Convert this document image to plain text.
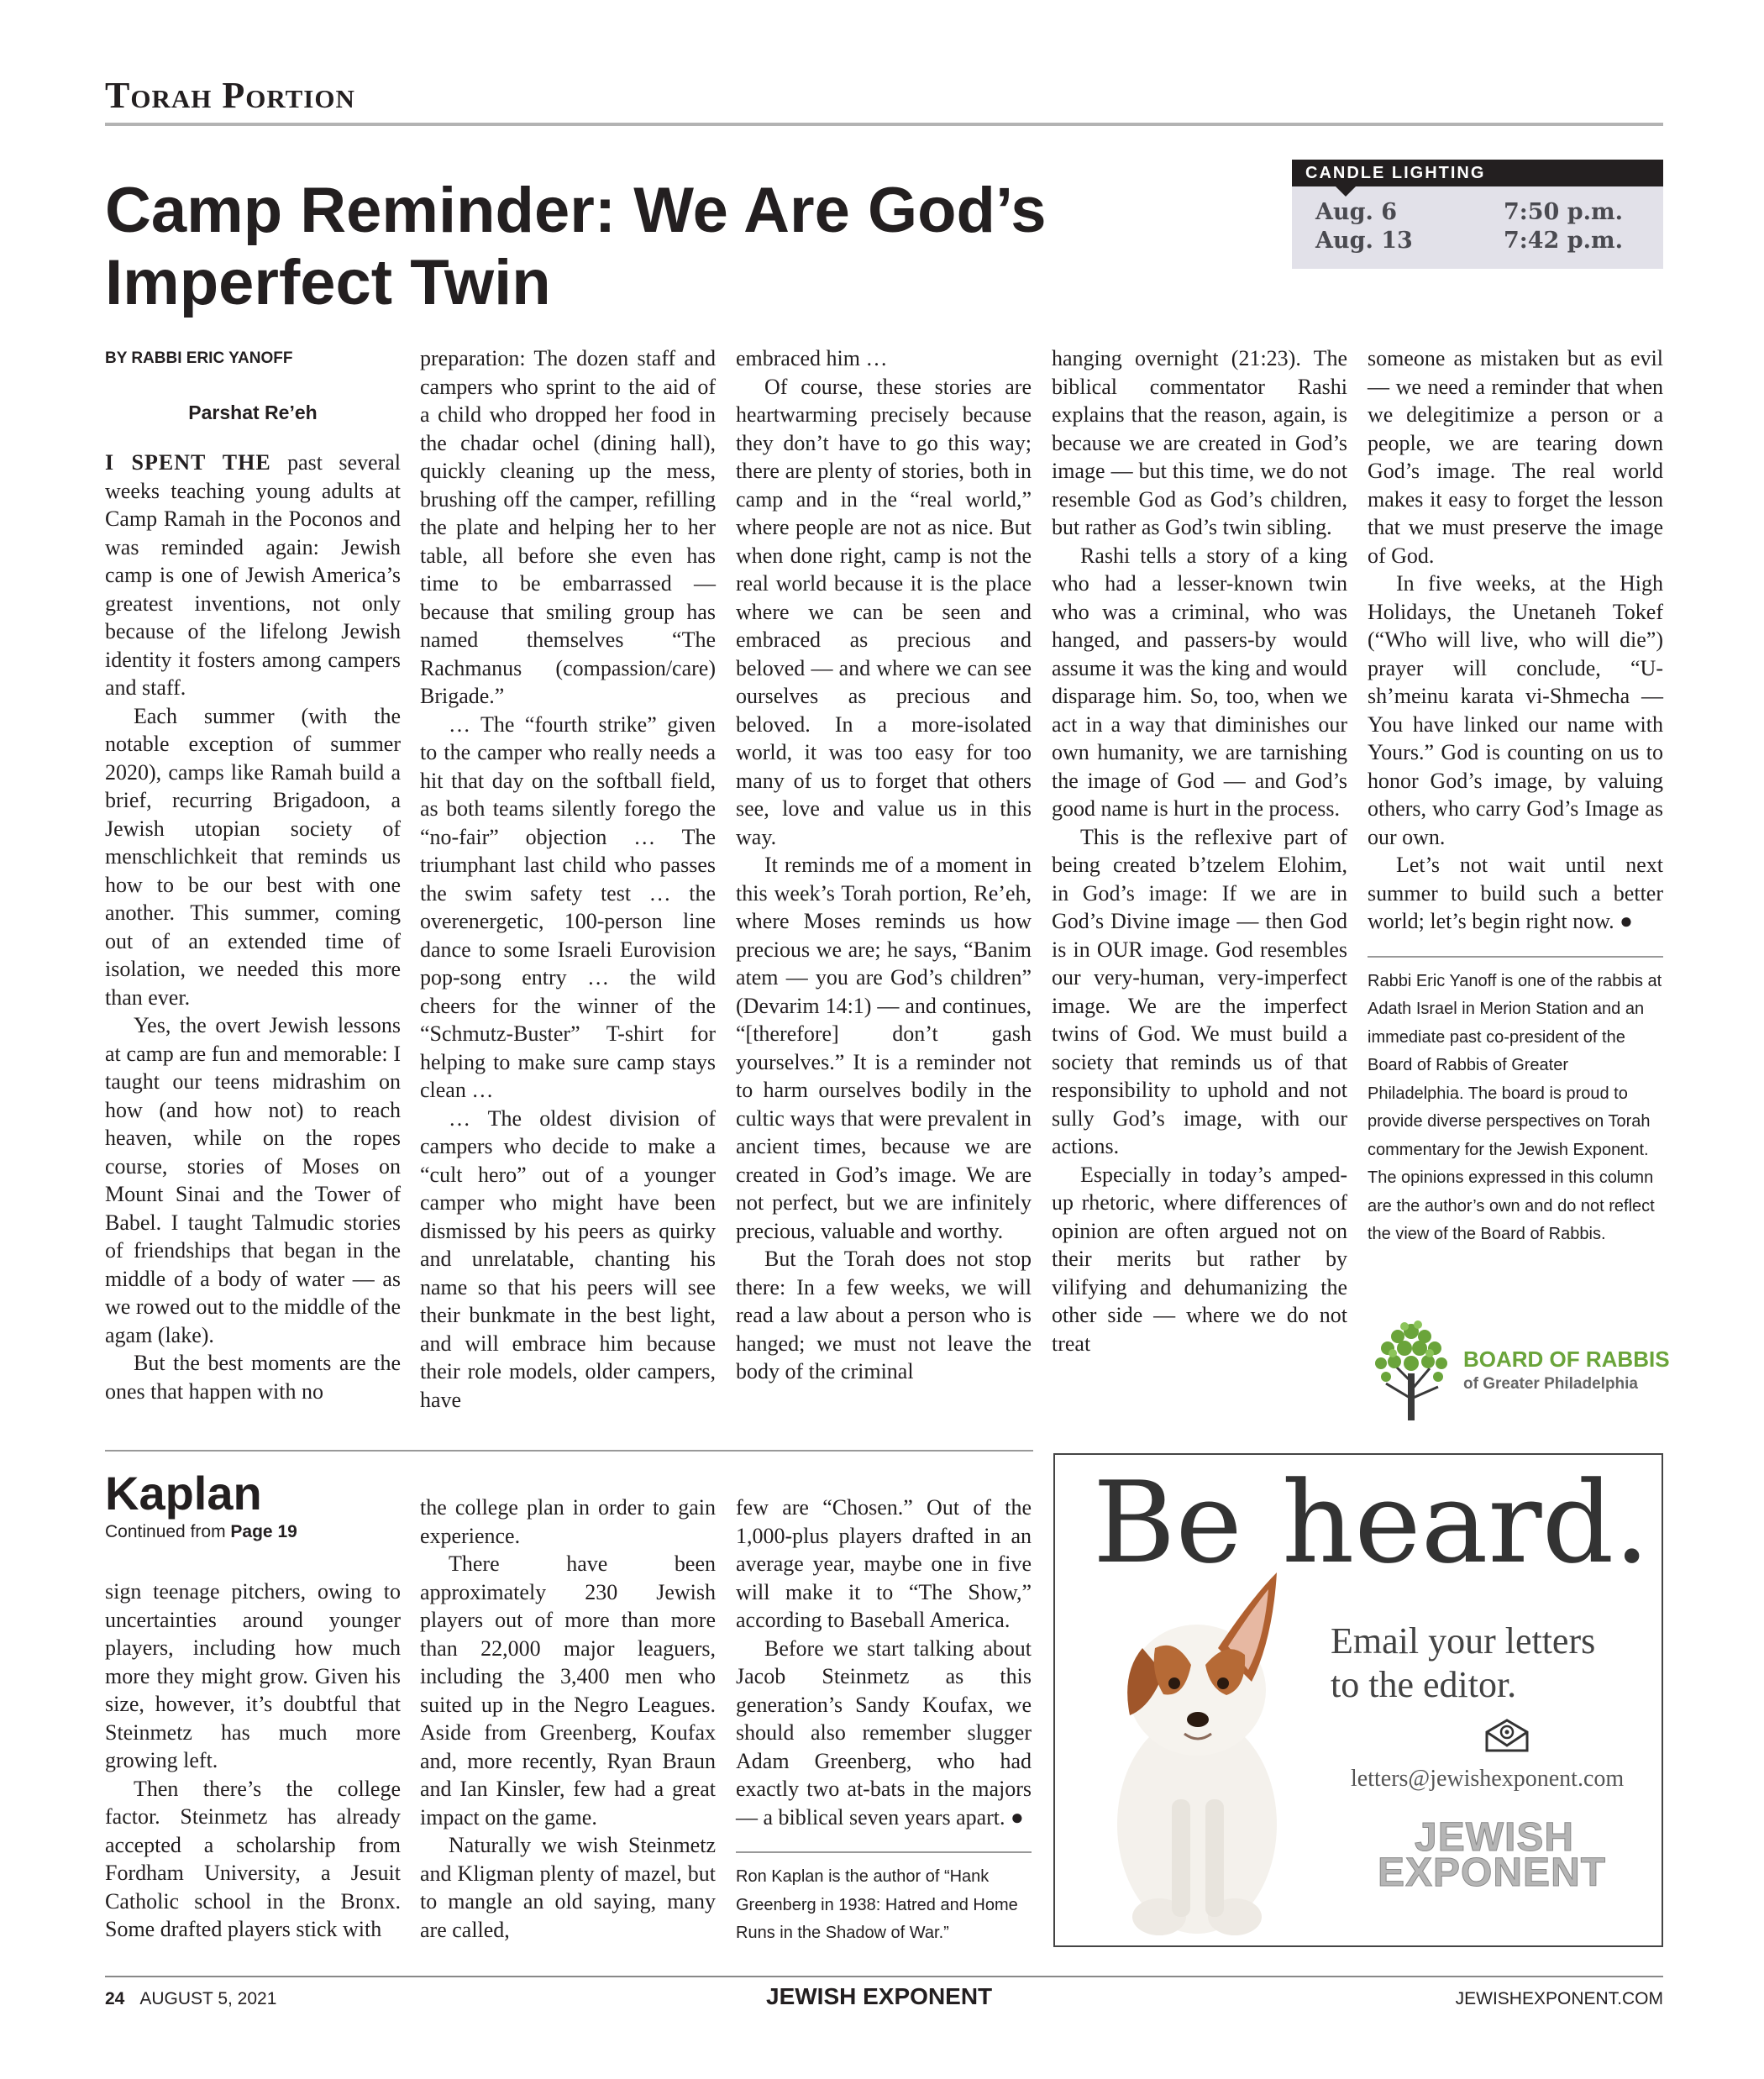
Torah Portion
Camp Reminder: We Are God’s
Imperfect Twin
CANDLE LIGHTING
Aug. 6	7:50 p.m.
Aug. 13	7:42 p.m.
BY RABBI ERIC YANOFF
Parshat Re’eh

I SPENT THE past several weeks teaching young adults at Camp Ramah in the Poconos and was reminded again: Jewish camp is one of Jewish America’s greatest inventions, not only because of the lifelong Jewish identity it fosters among campers and staff.

Each summer (with the notable exception of summer 2020), camps like Ramah build a brief, recurring Brigadoon, a Jewish utopian society of menschlichkeit that reminds us how to be our best with one another. This summer, coming out of an extended time of isolation, we needed this more than ever.

Yes, the overt Jewish lessons at camp are fun and memorable: I taught our teens midrashim on how (and how not) to reach heaven, while on the ropes course, stories of Moses on Mount Sinai and the Tower of Babel. I taught Talmudic stories of friendships that began in the middle of a body of water — as we rowed out to the middle of the agam (lake).

But the best moments are the ones that happen with no

preparation: The dozen staff and campers who sprint to the aid of a child who dropped her food in the chadar ochel (dining hall), quickly cleaning up the mess, brushing off the camper, refilling the plate and helping her to her table, all before she even has time to be embarrassed — because that smiling group has named themselves “The Rachmanus (compassion/care) Brigade.”

… The “fourth strike” given to the camper who really needs a hit that day on the softball field, as both teams silently forego the “no-fair” objection … The triumphant last child who passes the swim safety test … the overenergetic, 100-person line dance to some Israeli Eurovision pop-song entry … the wild cheers for the winner of the “Schmutz-Buster” T-shirt for helping to make sure camp stays clean …

… The oldest division of campers who decide to make a “cult hero” out of a younger camper who might have been dismissed by his peers as quirky and unrelatable, chanting his name so that his peers will see their bunkmate in the best light, and will embrace him because their role models, older campers, have

embraced him …

Of course, these stories are heartwarming precisely because they don’t have to go this way; there are plenty of stories, both in camp and in the “real world,” where people are not as nice. But when done right, camp is not the real world because it is the place where we can be seen and embraced as precious and beloved — and where we can see ourselves as precious and beloved. In a more-isolated world, it was too easy for too many of us to forget that others see, love and value us in this way.

It reminds me of a moment in this week’s Torah portion, Re’eh, where Moses reminds us how precious we are; he says, “Banim atem — you are God’s children” (Devarim 14:1) — and continues, “[therefore] don’t gash yourselves.” It is a reminder not to harm ourselves bodily in the cultic ways that were prevalent in ancient times, because we are created in God’s image. We are not perfect, but we are infinitely precious, valuable and worthy.

But the Torah does not stop there: In a few weeks, we will read a law about a person who is hanged; we must not leave the body of the criminal

hanging overnight (21:23). The biblical commentator Rashi explains that the reason, again, is because we are created in God’s image — but this time, we do not resemble God as God’s children, but rather as God’s twin sibling.

Rashi tells a story of a king who had a lesser-known twin who was a criminal, who was hanged, and passers-by would assume it was the king and would disparage him. So, too, when we act in a way that diminishes our own humanity, we are tarnishing the image of God — and God’s good name is hurt in the process.

This is the reflexive part of being created b’tzelem Elohim, in God’s image: If we are in God’s Divine image — then God is in OUR image. God resembles our very-human, very-imperfect image. We are the imperfect twins of God. We must build a society that reminds us of that responsibility to uphold and not sully God’s image, with our actions.

Especially in today’s amped-up rhetoric, where differences of opinion are often argued not on their merits but rather by vilifying and dehumanizing the other side — where we do not treat

someone as mistaken but as evil — we need a reminder that when we delegitimize a person or a people, we are tearing down God’s image. The real world makes it easy to forget the lesson that we must preserve the image of God.

In five weeks, at the High Holidays, the Unetaneh Tokef (“Who will live, who will die”) prayer will conclude, “U-sh’meinu karata vi-Shmecha — You have linked our name with Yours.” God is counting on us to honor God’s image, by valuing others, who carry God’s Image as our own.

Let’s not wait until next summer to build such a better world; let’s begin right now. ●

Rabbi Eric Yanoff is one of the rabbis at Adath Israel in Merion Station and an immediate past co-president of the Board of Rabbis of Greater Philadelphia. The board is proud to provide diverse perspectives on Torah commentary for the Jewish Exponent. The opinions expressed in this column are the author’s own and do not reflect the view of the Board of Rabbis.
BOARD OF RABBIS
of Greater Philadelphia
Kaplan
Continued from Page 19

sign teenage pitchers, owing to uncertainties around younger players, including how much more they might grow. Given his size, however, it’s doubtful that Steinmetz has much more growing left.

Then there’s the college factor. Steinmetz has already accepted a scholarship from Fordham University, a Jesuit Catholic school in the Bronx. Some drafted players stick with

the college plan in order to gain experience.

There have been approximately 230 Jewish players out of more than more than 22,000 major leaguers, including the 3,400 men who suited up in the Negro Leagues. Aside from Greenberg, Koufax and, more recently, Ryan Braun and Ian Kinsler, few had a great impact on the game.

Naturally we wish Steinmetz and Kligman plenty of mazel, but to mangle an old saying, many are called,

few are “Chosen.” Out of the 1,000-plus players drafted in an average year, maybe one in five will make it to “The Show,” according to Baseball America.

Before we start talking about Jacob Steinmetz as this generation’s Sandy Koufax, we should also remember slugger Adam Greenberg, who had exactly two at-bats in the majors — a biblical seven years apart. ●

Ron Kaplan is the author of “Hank Greenberg in 1938: Hatred and Home Runs in the Shadow of War.”
Be heard.
Email your letters
to the editor.
letters@jewishexponent.com
JEWISH
EXPONENT
24 AUGUST 5, 2021	JEWISH EXPONENT	JEWISHEXPONENT.COM
